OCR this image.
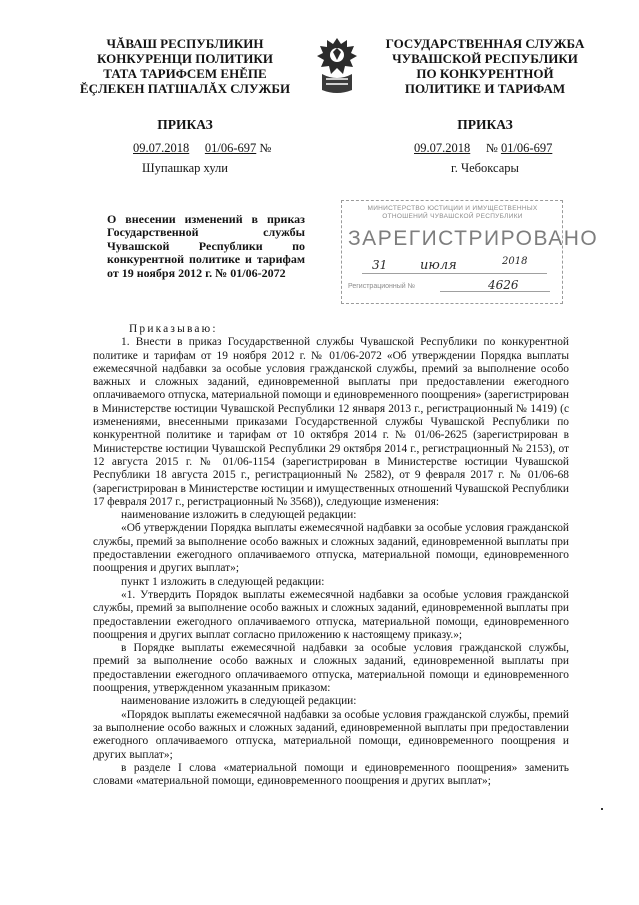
ЧĂВАШ РЕСПУБЛИКИН
КОНКУРЕНЦИ ПОЛИТИКИ
ТАТА ТАРИФСЕМ ЕНĚПЕ
ĔÇЛЕКЕН ПАТШАЛĂХ СЛУЖБИ
ПРИКАЗ
09.07.2018 01/06-697 №
Шупашкар хули
ГОСУДАРСТВЕННАЯ СЛУЖБА
ЧУВАШСКОЙ РЕСПУБЛИКИ
ПО КОНКУРЕНТНОЙ
ПОЛИТИКЕ И ТАРИФАМ
ПРИКАЗ
09.07.2018 № 01/06-697
г. Чебоксары
О внесении изменений в приказ Государственной службы Чувашской Республики по конкурентной политике и тарифам от 19 ноября 2012 г. № 01/06-2072
МИНИСТЕРСТВО ЮСТИЦИИ И ИМУЩЕСТВЕННЫХ ОТНОШЕНИЙ ЧУВАШСКОЙ РЕСПУБЛИКИ
ЗАРЕГИСТРИРОВАНО
31	июля	2018
Регистрационный №	4626

Приказываю:

1. Внести в приказ Государственной службы Чувашской Республики по конкурентной политике и тарифам от 19 ноября 2012 г. № 01/06-2072 «Об утверждении Порядка выплаты ежемесячной надбавки за особые условия гражданской службы, премий за выполнение особо важных и сложных заданий, единовременной выплаты при предоставлении ежегодного оплачиваемого отпуска, материальной помощи и единовременного поощрения» (зарегистрирован в Министерстве юстиции Чувашской Республики 12 января 2013 г., регистрационный № 1419) (с изменениями, внесенными приказами Государственной службы Чувашской Республики по конкурентной политике и тарифам от 10 октября 2014 г. № 01/06-2625 (зарегистрирован в Министерстве юстиции Чувашской Республики 29 октября 2014 г., регистрационный № 2153), от 12 августа 2015 г. № 01/06-1154 (зарегистрирован в Министерстве юстиции Чувашской Республики 18 августа 2015 г., регистрационный № 2582), от 9 февраля 2017 г. № 01/06-68 (зарегистрирован в Министерстве юстиции и имущественных отношений Чувашской Республики 17 февраля 2017 г., регистрационный № 3568)), следующие изменения:

наименование изложить в следующей редакции:

«Об утверждении Порядка выплаты ежемесячной надбавки за особые условия гражданской службы, премий за выполнение особо важных и сложных заданий, единовременной выплаты при предоставлении ежегодного оплачиваемого отпуска, материальной помощи, единовременного поощрения и других выплат»;

пункт 1 изложить в следующей редакции:

«1. Утвердить Порядок выплаты ежемесячной надбавки за особые условия гражданской службы, премий за выполнение особо важных и сложных заданий, единовременной выплаты при предоставлении ежегодного оплачиваемого отпуска, материальной помощи, единовременного поощрения и других выплат согласно приложению к настоящему приказу.»;

в Порядке выплаты ежемесячной надбавки за особые условия гражданской службы, премий за выполнение особо важных и сложных заданий, единовременной выплаты при предоставлении ежегодного оплачиваемого отпуска, материальной помощи и единовременного поощрения, утвержденном указанным приказом:

наименование изложить в следующей редакции:

«Порядок выплаты ежемесячной надбавки за особые условия гражданской службы, премий за выполнение особо важных и сложных заданий, единовременной выплаты при предоставлении ежегодного оплачиваемого отпуска, материальной помощи, единовременного поощрения и других выплат»;

в разделе I слова «материальной помощи и единовременного поощрения» заменить словами «материальной помощи, единовременного поощрения и других выплат»;
